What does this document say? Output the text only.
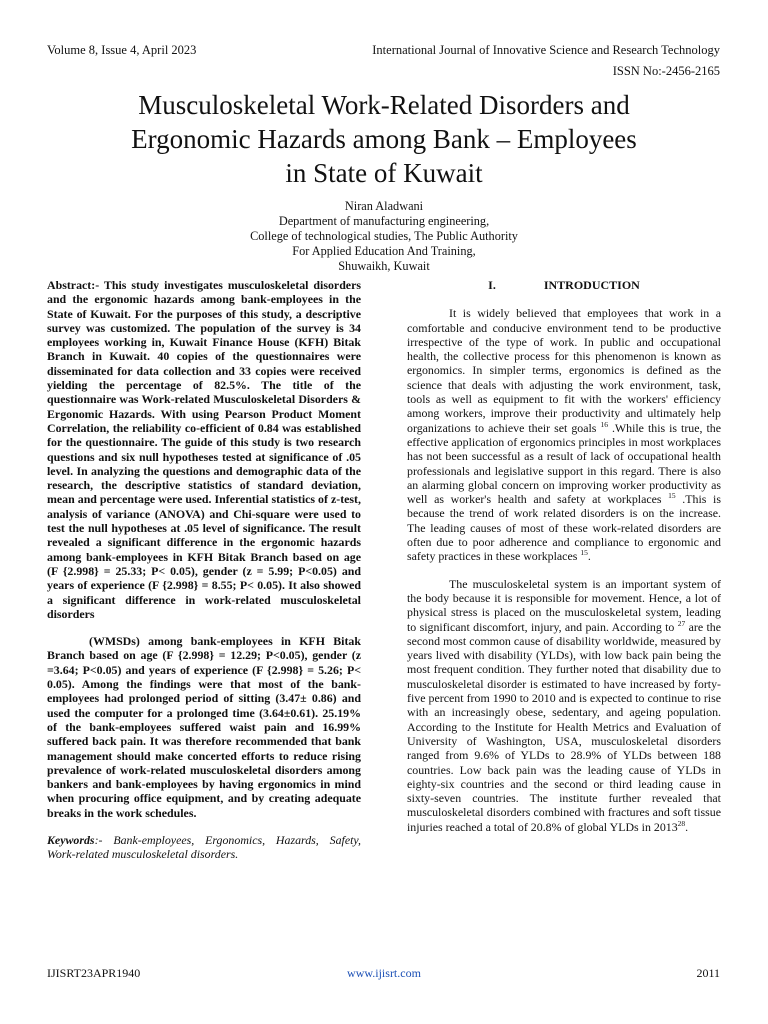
Volume 8, Issue 4, April 2023	International Journal of Innovative Science and Research Technology
ISSN No:-2456-2165
Musculoskeletal Work-Related Disorders and
Ergonomic Hazards among Bank – Employees
in State of Kuwait
Niran Aladwani
Department of manufacturing engineering,
College of technological studies, The Public Authority
For Applied Education And Training,
Shuwaikh, Kuwait

Abstract:- This study investigates musculoskeletal disorders and the ergonomic hazards among bank-employees in the State of Kuwait. For the purposes of this study, a descriptive survey was customized. The population of the survey is 34 employees working in, Kuwait Finance House (KFH) Bitak Branch in Kuwait. 40 copies of the questionnaires were disseminated for data collection and 33 copies were received yielding the percentage of 82.5%. The title of the questionnaire was Work-related Musculoskeletal Disorders & Ergonomic Hazards. With using Pearson Product Moment Correlation, the reliability co-efficient of 0.84 was established for the questionnaire. The guide of this study is two research questions and six null hypotheses tested at significance of .05 level. In analyzing the questions and demographic data of the research, the descriptive statistics of standard deviation, mean and percentage were used. Inferential statistics of z-test, analysis of variance (ANOVA) and Chi-square were used to test the null hypotheses at .05 level of significance. The result revealed a significant difference in the ergonomic hazards among bank-employees in KFH Bitak Branch based on age (F {2.998} = 25.33; P< 0.05), gender (z = 5.99; P<0.05) and years of experience (F {2.998} = 8.55; P< 0.05). It also showed a significant difference in work-related musculoskeletal disorders

(WMSDs) among bank-employees in KFH Bitak Branch based on age (F {2.998} = 12.29; P<0.05), gender (z =3.64; P<0.05) and years of experience (F {2.998} = 5.26; P< 0.05). Among the findings were that most of the bank-employees had prolonged period of sitting (3.47± 0.86) and used the computer for a prolonged time (3.64±0.61). 25.19% of the bank-employees suffered waist pain and 16.99% suffered back pain. It was therefore recommended that bank management should make concerted efforts to reduce rising prevalence of work-related musculoskeletal disorders among bankers and bank-employees by having ergonomics in mind when procuring office equipment, and by creating adequate breaks in the work schedules.

Keywords:- Bank-employees, Ergonomics, Hazards, Safety, Work-related musculoskeletal disorders.

I.	INTRODUCTION

It is widely believed that employees that work in a comfortable and conducive environment tend to be productive irrespective of the type of work. In public and occupational health, the collective process for this phenomenon is known as ergonomics. In simpler terms, ergonomics is defined as the science that deals with adjusting the work environment, task, tools as well as equipment to fit with the workers' efficiency among workers, improve their productivity and ultimately help organizations to achieve their set goals $^{16}$ .While this is true, the effective application of ergonomics principles in most workplaces has not been successful as a result of lack of occupational health professionals and legislative support in this regard. There is also an alarming global concern on improving worker productivity as well as worker's health and safety at workplaces $^{15}$ .This is because the trend of work related disorders is on the increase. The leading causes of most of these work-related disorders are often due to poor adherence and compliance to ergonomic and safety practices in these workplaces $^{15}$.

The musculoskeletal system is an important system of the body because it is responsible for movement. Hence, a lot of physical stress is placed on the musculoskeletal system, leading to significant discomfort, injury, and pain. According to $^{27}$ are the second most common cause of disability worldwide, measured by years lived with disability (YLDs), with low back pain being the most frequent condition. They further noted that disability due to musculoskeletal disorder is estimated to have increased by forty-five percent from 1990 to 2010 and is expected to continue to rise with an increasingly obese, sedentary, and ageing population. According to the Institute for Health Metrics and Evaluation of University of Washington, USA, musculoskeletal disorders ranged from 9.6% of YLDs to 28.9% of YLDs between 188 countries. Low back pain was the leading cause of YLDs in eighty-six countries and the second or third leading cause in sixty-seven countries. The institute further revealed that musculoskeletal disorders combined with fractures and soft tissue injuries reached a total of 20.8% of global YLDs in 2013$^{28}$.

IJISRT23APR1940	www.ijisrt.com	2011
